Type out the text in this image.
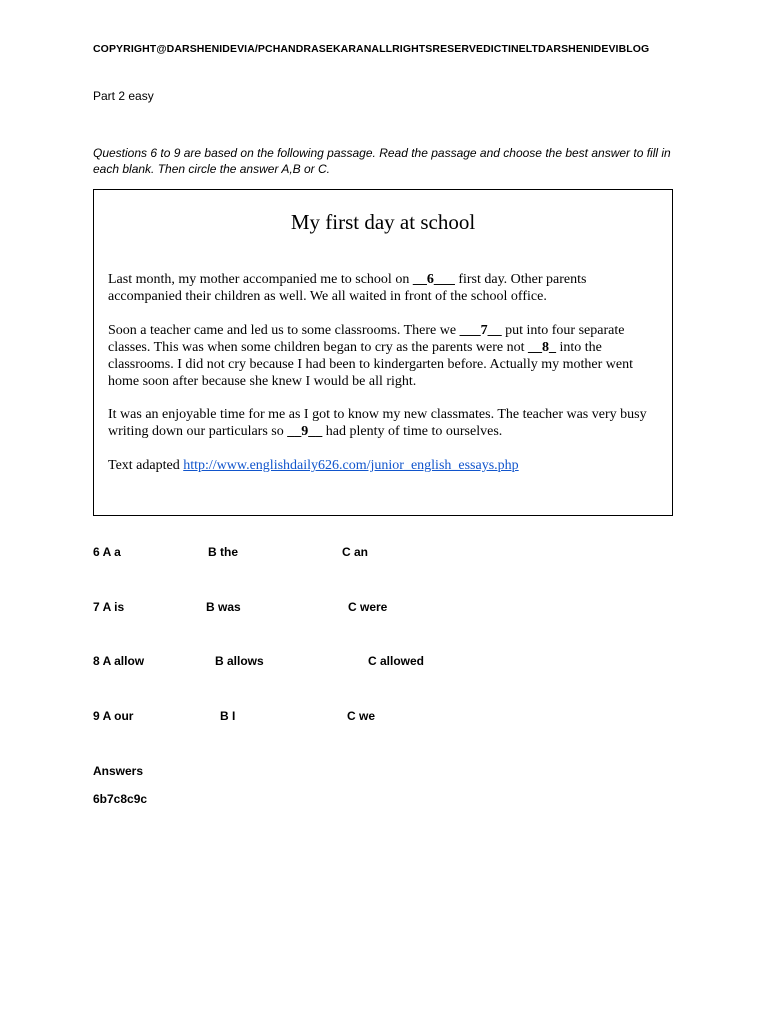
COPYRIGHT@DARSHENIDEVIA/PCHANDRASEKARANALLRIGHTSRESERVEDICTINELTDARSHENIDEVIBLOG
Part 2 easy
Questions 6 to 9 are based on the following passage. Read the passage and choose the best answer to fill in each blank. Then circle the answer A,B or C.
My first day at school
Last month, my mother accompanied me to school on __6___ first day. Other parents accompanied their children as well. We all waited in front of the school office.
Soon a teacher came and led us to some classrooms. There we ___7__ put into four separate classes. This was when some children began to cry as the parents were not __8_ into the classrooms. I did not cry because I had been to kindergarten before. Actually my mother went home soon after because she knew I would be all right.
It was an enjoyable time for me as I got to know my new classmates. The teacher was very busy writing down our particulars so __9__ had plenty of time to ourselves.
Text adapted http://www.englishdaily626.com/junior_english_essays.php
6 A a	B the	C an
7 A is	B was	C were
8 A allow	B allows	C allowed
9 A our	B I	C we
Answers
6b7c8c9c
